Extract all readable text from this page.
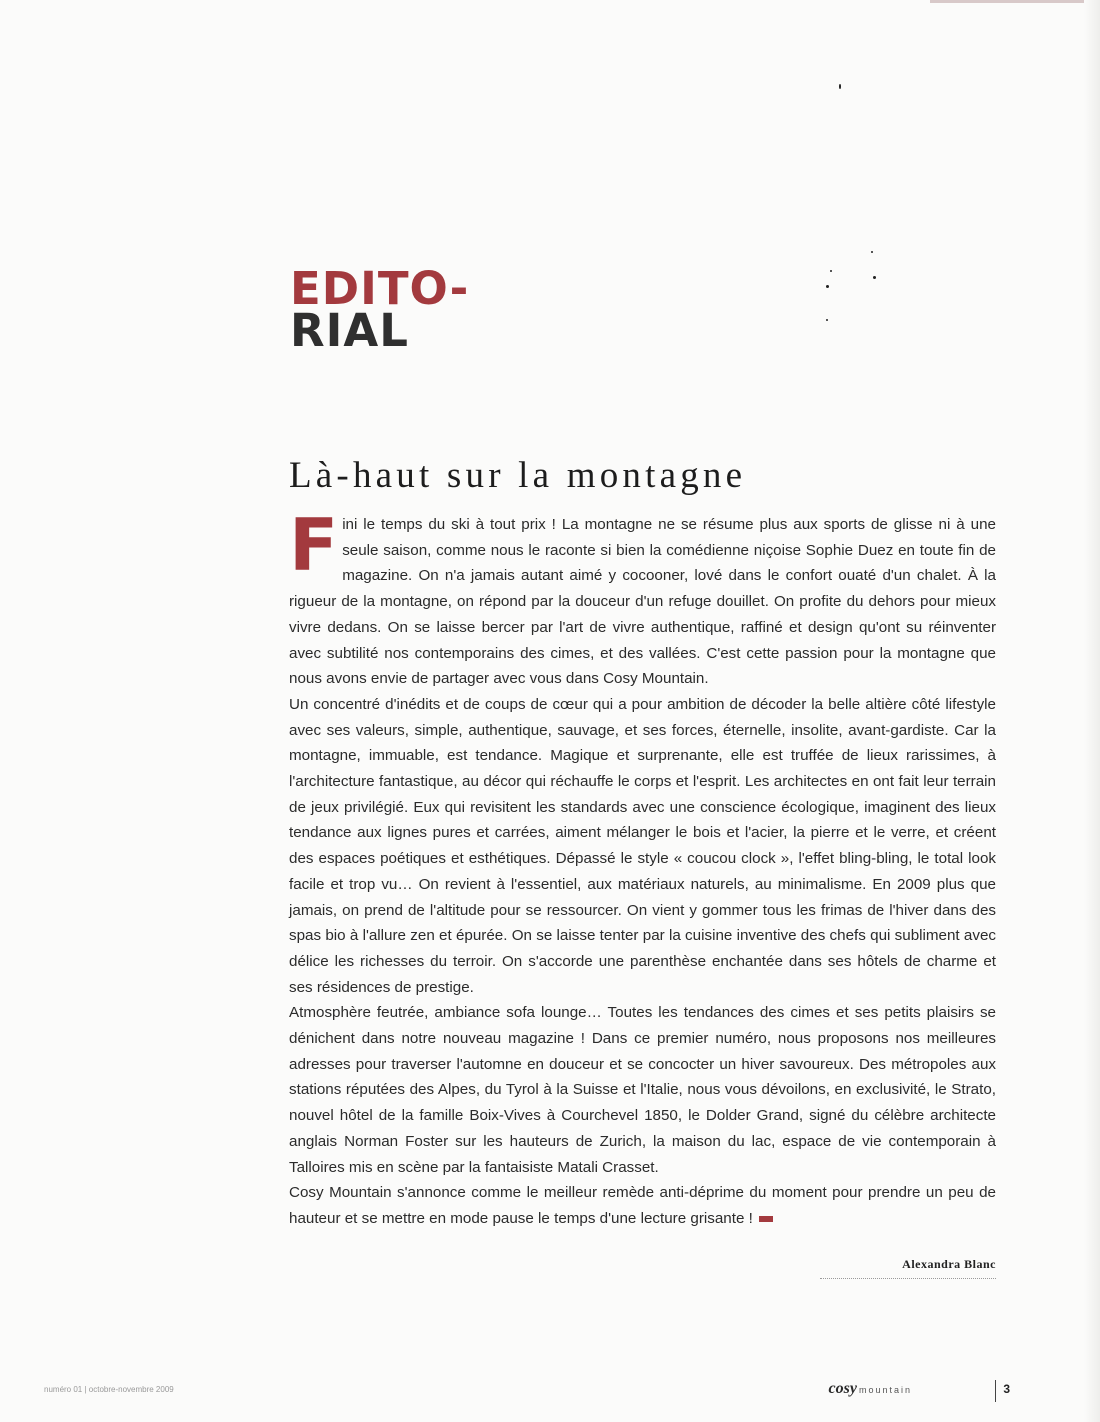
EDITO-
RIAL
Là-haut sur la montagne

Fini le temps du ski à tout prix ! La montagne ne se résume plus aux sports de glisse ni à une seule saison, comme nous le raconte si bien la comédienne niçoise Sophie Duez en toute fin de magazine. On n'a jamais autant aimé y cocooner, lové dans le confort ouaté d'un chalet. À la rigueur de la montagne, on répond par la douceur d'un refuge douillet. On profite du dehors pour mieux vivre dedans. On se laisse bercer par l'art de vivre authentique, raffiné et design qu'ont su réinventer avec subtilité nos contemporains des cimes, et des vallées. C'est cette passion pour la montagne que nous avons envie de partager avec vous dans Cosy Mountain.

Un concentré d'inédits et de coups de cœur qui a pour ambition de décoder la belle altière côté lifestyle avec ses valeurs, simple, authentique, sauvage, et ses forces, éternelle, insolite, avant-gardiste. Car la montagne, immuable, est tendance. Magique et surprenante, elle est truffée de lieux rarissimes, à l'architecture fantastique, au décor qui réchauffe le corps et l'esprit. Les architectes en ont fait leur terrain de jeux privilégié. Eux qui revisitent les standards avec une conscience écologique, imaginent des lieux tendance aux lignes pures et carrées, aiment mélanger le bois et l'acier, la pierre et le verre, et créent des espaces poétiques et esthétiques. Dépassé le style « coucou clock », l'effet bling-bling, le total look facile et trop vu… On revient à l'essentiel, aux matériaux naturels, au minimalisme. En 2009 plus que jamais, on prend de l'altitude pour se ressourcer. On vient y gommer tous les frimas de l'hiver dans des spas bio à l'allure zen et épurée. On se laisse tenter par la cuisine inventive des chefs qui subliment avec délice les richesses du terroir. On s'accorde une parenthèse enchantée dans ses hôtels de charme et ses résidences de prestige.

Atmosphère feutrée, ambiance sofa lounge… Toutes les tendances des cimes et ses petits plaisirs se dénichent dans notre nouveau magazine ! Dans ce premier numéro, nous proposons nos meilleures adresses pour traverser l'automne en douceur et se concocter un hiver savoureux. Des métropoles aux stations réputées des Alpes, du Tyrol à la Suisse et l'Italie, nous vous dévoilons, en exclusivité, le Strato, nouvel hôtel de la famille Boix-Vives à Courchevel 1850, le Dolder Grand, signé du célèbre architecte anglais Norman Foster sur les hauteurs de Zurich, la maison du lac, espace de vie contemporain à Talloires mis en scène par la fantaisiste Matali Crasset.

Cosy Mountain s'annonce comme le meilleur remède anti-déprime du moment pour prendre un peu de hauteur et se mettre en mode pause le temps d'une lecture grisante !

Alexandra Blanc
numéro 01 | octobre-novembre 2009	cosy mountain	3
